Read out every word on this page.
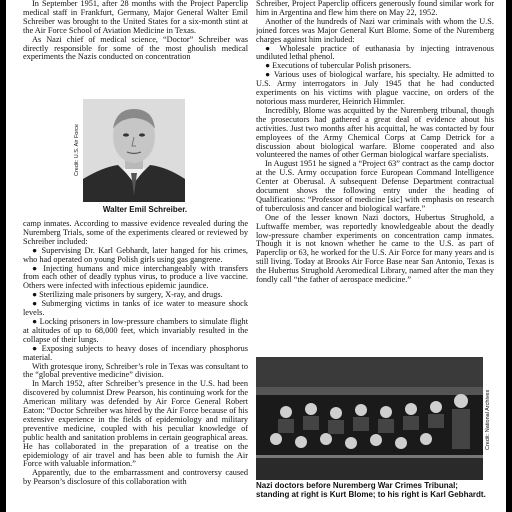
In September 1951, after 28 months with the Project Paperclip medical staff in Frankfurt, Germany, Major General Walter Emil Schreiber was brought to the United States for a six-month stint at the Air Force School of Aviation Medicine in Texas.

As Nazi chief of medical science, “Doctor” Schreiber was directly responsible for some of the most ghoulish medical experiments the Nazis conducted on concentration

camp inmates. According to massive evidence revealed during the Nuremberg Trials, some of the experiments cleared or reviewed by Schreiber included:

● Supervising Dr. Karl Gebhardt, later hanged for his crimes, who had operated on young Polish girls using gas gangrene.

● Injecting humans and mice interchangeably with transfers from each other of deadly typhus virus, to produce a live vaccine. Others were infected with infectious epidemic jaundice.

● Sterilizing male prisoners by surgery, X-ray, and drugs.

● Submerging victims in tanks of ice water to measure shock levels.

● Locking prisoners in low-pressure chambers to simulate flight at altitudes of up to 68,000 feet, which invariably resulted in the collapse of their lungs.

● Exposing subjects to heavy doses of incendiary phosphorus material.

With grotesque irony, Schreiber’s role in Texas was consultant to the “global preventive medicine” division.

In March 1952, after Schreiber’s presence in the U.S. had been discovered by columnist Drew Pearson, his continuing work for the American military was defended by Air Force General Robert Eaton: “Doctor Schreiber was hired by the Air Force because of his extensive experience in the fields of epidemiology and military preventive medicine, coupled with his peculiar knowledge of public health and sanitation problems in certain geographical areas. He has collaborated in the preparation of a treatise on the epidemiology of air travel and has been able to furnish the Air Force with valuable information.”

Apparently, due to the embarrassment and controversy caused by Pearson’s disclosure of this collaboration with

Credit: U.S. Air Force
Walter Emil Schreiber.

Schreiber, Project Paperclip officers generously found similar work for him in Argentina and flew him there on May 22, 1952.

Another of the hundreds of Nazi war criminals with whom the U.S. joined forces was Major General Kurt Blome. Some of the Nuremberg charges against him included:

● Wholesale practice of euthanasia by injecting intravenous undiluted lethal phenol.

● Executions of tubercular Polish prisoners.

● Various uses of biological warfare, his specialty. He admitted to U.S. Army interrogators in July 1945 that he had conducted experiments on his victims with plague vaccine, on orders of the notorious mass murderer, Heinrich Himmler.

Incredibly, Blome was acquitted by the Nuremberg tribunal, though the prosecutors had gathered a great deal of evidence about his activities. Just two months after his acquittal, he was contacted by four employees of the Army Chemical Corps at Camp Detrick for a discussion about biological warfare. Blome cooperated and also volunteered the names of other German biological warfare specialists.

In August 1951 he signed a “Project 63” contract as the camp doctor at the U.S. Army occupation force European Command Intelligence Center at Oberusal. A subsequent Defense Department contractual document shows the following entry under the heading of Qualifications: “Professor of medicine [sic] with emphasis on research of tuberculosis and cancer and biological warfare.”

One of the lesser known Nazi doctors, Hubertus Strughold, a Luftwaffe member, was reportedly knowledgeable about the deadly low-pressure chamber experiments on concentration camp inmates. Though it is not known whether he came to the U.S. as part of Paperclip or 63, he worked for the U.S. Air Force for many years and is still living. Today at Brooks Air Force Base near San Antonio, Texas is the Hubertus Strughold Aeromedical Library, named after the man they fondly call “the father of aerospace medicine.”

Credit: National Archives
Nazi doctors before Nuremberg War Crimes Tribunal; standing at right is Kurt Blome; to his right is Karl Gebhardt.
